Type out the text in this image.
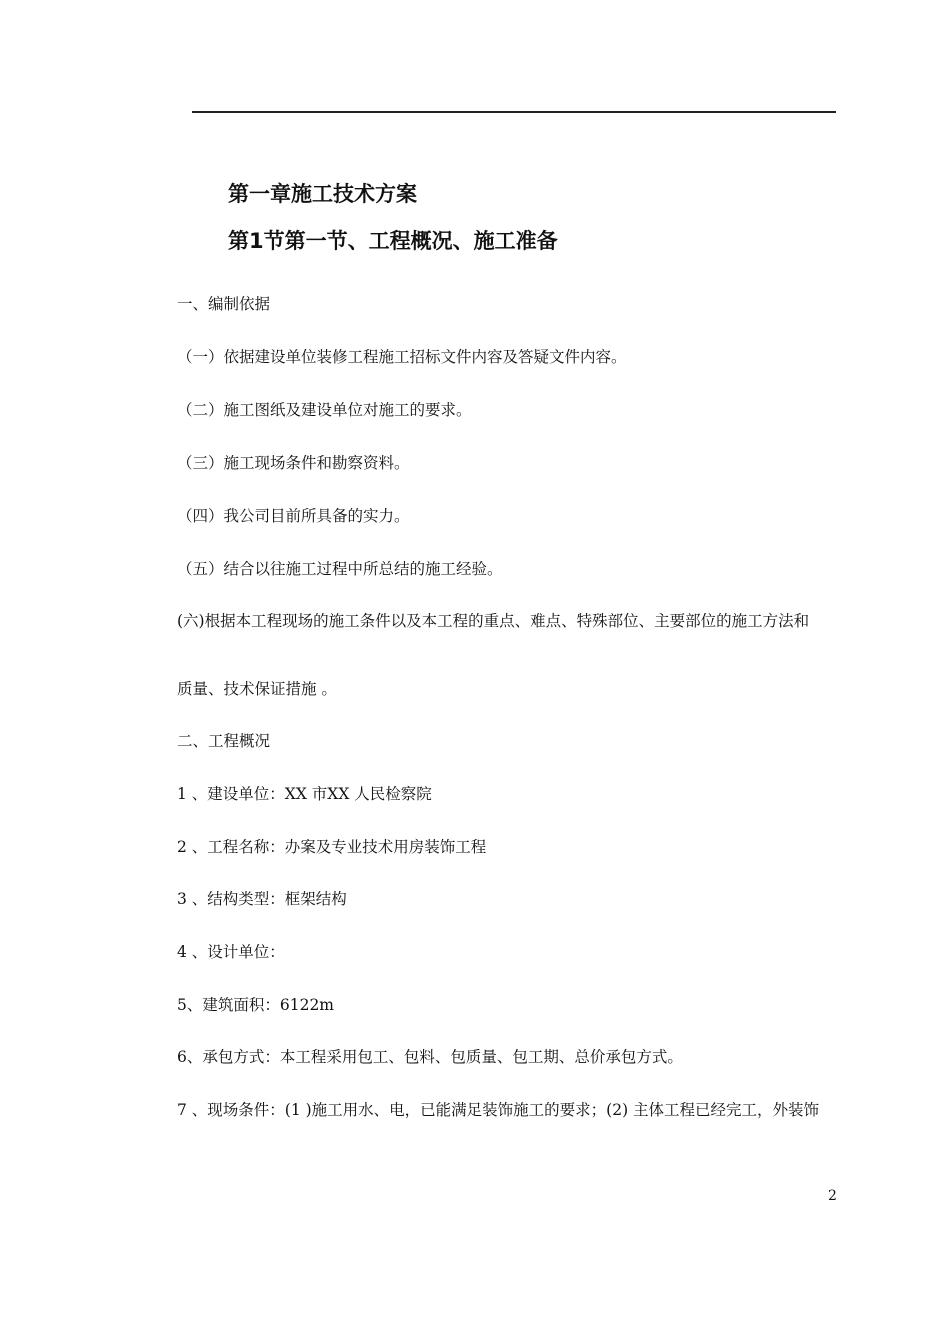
第一章施工技术方案
第1节第一节、工程概况、施工准备
一、编制依据
（一）依据建设单位装修工程施工招标文件内容及答疑文件内容。
（二）施工图纸及建设单位对施工的要求。
（三）施工现场条件和勘察资料。
（四）我公司目前所具备的实力。
（五）结合以往施工过程中所总结的施工经验。
(六)根据本工程现场的施工条件以及本工程的重点、难点、特殊部位、主要部位的施工方法和
质量、技术保证措施 。
二、工程概况
1 、建设单位：XX 市XX 人民检察院
2 、工程名称：办案及专业技术用房装饰工程
3 、结构类型：框架结构
4 、设计单位：
5、建筑面积：6122m
6、承包方式：本工程采用包工、包料、包质量、包工期、总价承包方式。
7 、现场条件：(1 )施工用水、电，已能满足装饰施工的要求；(2) 主体工程已经完工，外装饰
2
